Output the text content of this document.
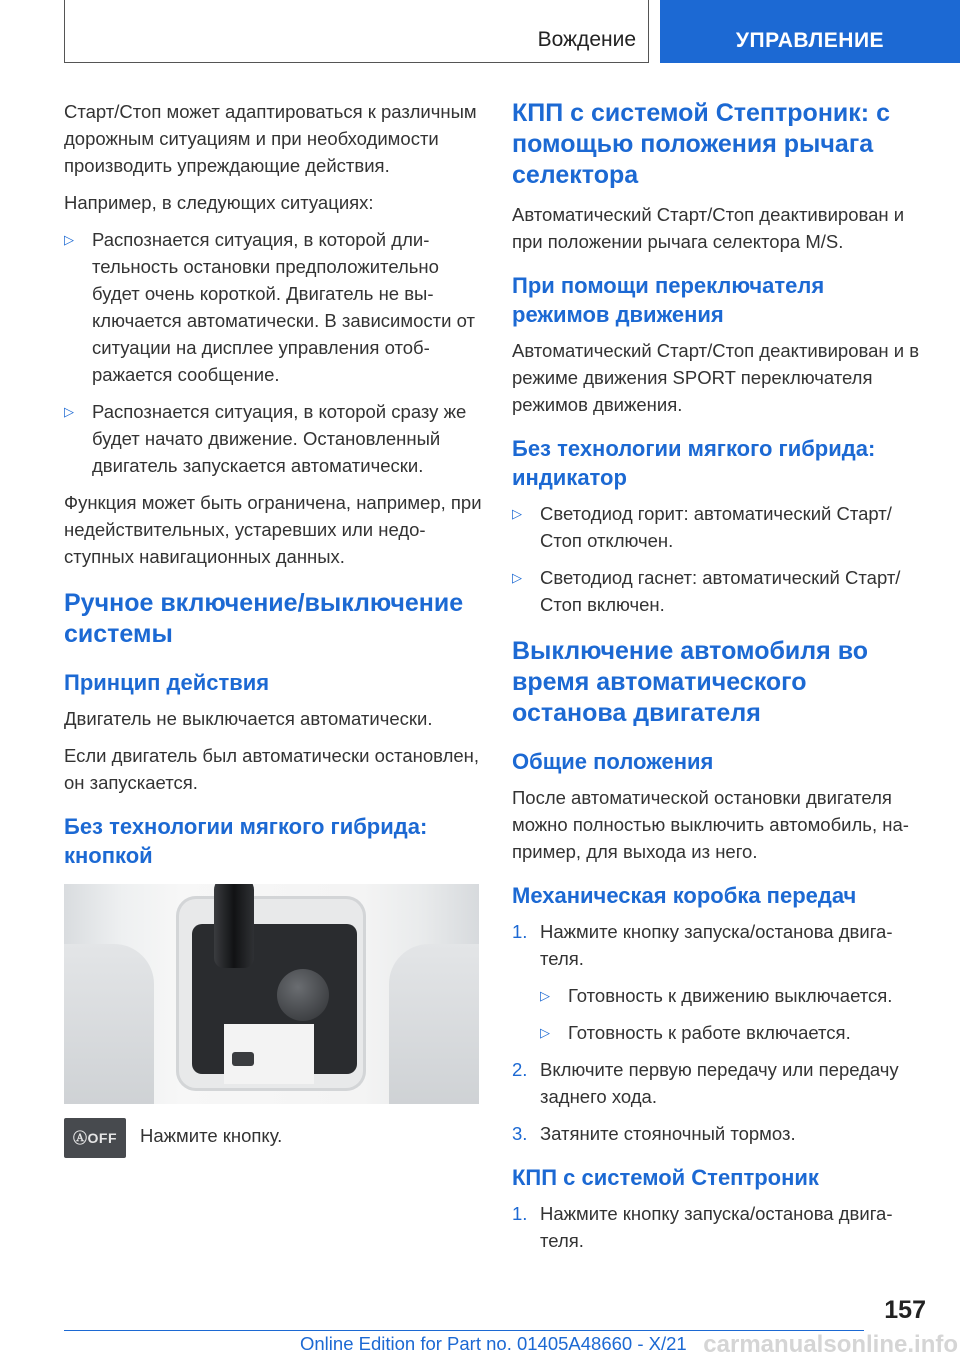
Вождение	УПРАВЛЕНИЕ

Старт/Стоп может адаптироваться к различным дорожным ситуациям и при необходимости производить упреждающие действия.

Например, в следующих ситуациях:

▷ Распознается ситуация, в которой длительность остановки предположительно будет очень короткой. Двигатель не выключается автоматически. В зависимости от ситуации на дисплее управления отображается сообщение.
▷ Распознается ситуация, в которой сразу же будет начато движение. Остановленный двигатель запускается автоматически.

Функция может быть ограничена, например, при недействительных, устаревших или недоступных навигационных данных.

Ручное включение/выключение системы
Принцип действия

Двигатель не выключается автоматически.

Если двигатель был автоматически остановлен, он запускается.

Без технологии мягкого гибрида: кнопкой
ⒶOFF Нажмите кнопку.

КПП с системой Стептроник: с помощью положения рычага селектора

Автоматический Старт/Стоп деактивирован и при положении рычага селектора M/S.

При помощи переключателя режимов движения

Автоматический Старт/Стоп деактивирован и в режиме движения SPORT переключателя режимов движения.

Без технологии мягкого гибрида: индикатор
▷ Светодиод горит: автоматический Старт/Стоп отключен.
▷ Светодиод гаснет: автоматический Старт/Стоп включен.
Выключение автомобиля во время автоматического останова двигателя
Общие положения

После автоматической остановки двигателя можно полностью выключить автомобиль, например, для выхода из него.

Механическая коробка передач
1. Нажмите кнопку запуска/останова двигателя.
▷ Готовность к движению выключается.
▷ Готовность к работе включается.
2. Включите первую передачу или передачу заднего хода.
3. Затяните стояночный тормоз.
КПП с системой Стептроник
1. Нажмите кнопку запуска/останова двигателя.
157
Online Edition for Part no. 01405A48660 - X/21 carmanualsonline.info
